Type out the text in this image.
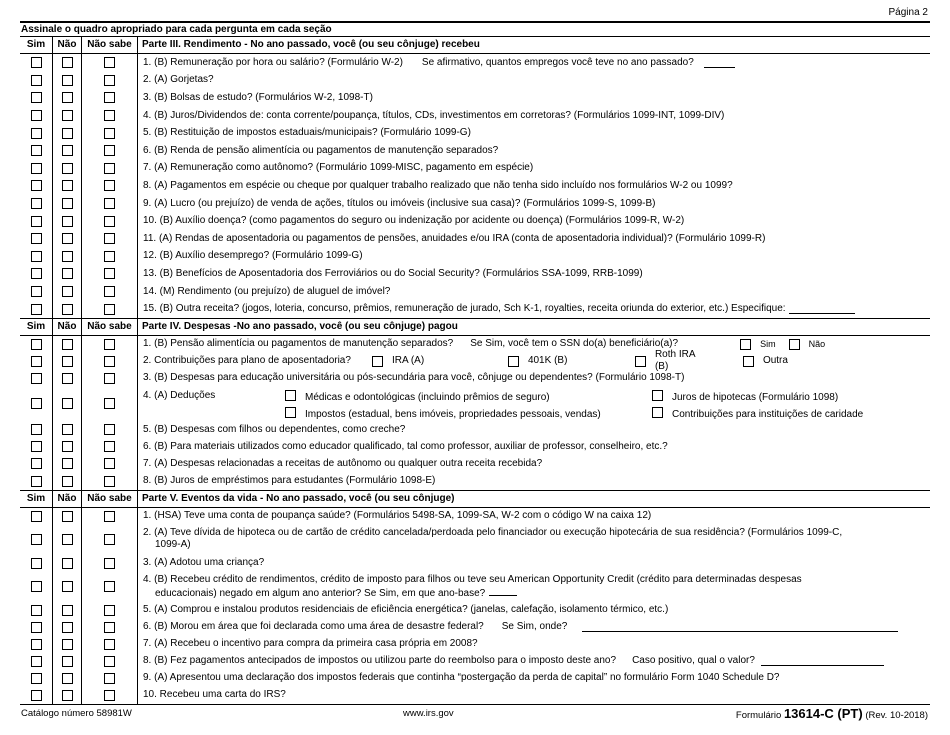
Página 2
Assinale o quadro apropriado para cada pergunta em cada seção
Sim	Não	Não sabe	Parte III. Rendimento - No ano passado, você (ou seu cônjuge) recebeu
1. (B) Remuneração por hora ou salário? (Formulário W-2) Se afirmativo, quantos empregos você teve no ano passado?
2. (A) Gorjetas?
3. (B) Bolsas de estudo? (Formulários W-2, 1098-T)
4. (B) Juros/Dividendos de: conta corrente/poupança, títulos, CDs, investimentos em corretoras? (Formulários 1099-INT, 1099-DIV)
5. (B) Restituição de impostos estaduais/municipais? (Formulário 1099-G)
6. (B) Renda de pensão alimentícia ou pagamentos de manutenção separados?
7. (A) Remuneração como autônomo? (Formulário 1099-MISC, pagamento em espécie)
8. (A) Pagamentos em espécie ou cheque por qualquer trabalho realizado que não tenha sido incluído nos formulários W-2 ou 1099?
9. (A) Lucro (ou prejuízo) de venda de ações, títulos ou imóveis (inclusive sua casa)? (Formulários 1099-S, 1099-B)
10. (B) Auxílio doença? (como pagamentos do seguro ou indenização por acidente ou doença) (Formulários 1099-R, W-2)
11. (A) Rendas de aposentadoria ou pagamentos de pensões, anuidades e/ou IRA (conta de aposentadoria individual)? (Formulário 1099-R)
12. (B) Auxílio desemprego? (Formulário 1099-G)
13. (B) Benefícios de Aposentadoria dos Ferroviários ou do Social Security? (Formulários SSA-1099, RRB-1099)
14. (M) Rendimento (ou prejuízo) de aluguel de imóvel?
15. (B) Outra receita? (jogos, loteria, concurso, prêmios, remuneração de jurado, Sch K-1, royalties, receita oriunda do exterior, etc.) Especifique:
Sim	Não	Não sabe	Parte IV. Despesas -No ano passado, você (ou seu cônjuge) pagou
1. (B) Pensão alimentícia ou pagamentos de manutenção separados? Se Sim, você tem o SSN do(a) beneficiário(a)?	Sim	Não
2. Contribuições para plano de aposentadoria?	IRA (A)	401K (B)
Roth IRA (B)
Outra
3. (B) Despesas para educação universitária ou pós-secundária para você, cônjuge ou dependentes? (Formulário 1098-T)
4. (A) Deduções	Médicas e odontológicas (incluindo prêmios de seguro)	Juros de hipotecas (Formulário 1098)
Impostos (estadual, bens imóveis, propriedades pessoais, vendas)	Contribuições para instituições de caridade
5. (B) Despesas com filhos ou dependentes, como creche?
6. (B) Para materiais utilizados como educador qualificado, tal como professor, auxiliar de professor, conselheiro, etc.?
7. (A) Despesas relacionadas a receitas de autônomo ou qualquer outra receita recebida?
8. (B) Juros de empréstimos para estudantes (Formulário 1098-E)
Sim	Não	Não sabe	Parte V. Eventos da vida - No ano passado, você (ou seu cônjuge)
1. (HSA) Teve uma conta de poupança saúde? (Formulários 5498-SA, 1099-SA, W-2 com o código W na caixa 12)
2. (A) Teve dívida de hipoteca ou de cartão de crédito cancelada/perdoada pelo financiador ou execução hipotecária de sua residência? (Formulários 1099-C,
1099-A)
3. (A) Adotou uma criança?
4. (B) Recebeu crédito de rendimentos, crédito de imposto para filhos ou teve seu American Opportunity Credit (crédito para determinadas despesas
educacionais) negado em algum ano anterior? Se Sim, em que ano-base?
5. (A) Comprou e instalou produtos residenciais de eficiência energética? (janelas, calefação, isolamento térmico, etc.)
6. (B) Morou em área que foi declarada como uma área de desastre federal? Se Sim, onde?
7. (A) Recebeu o incentivo para compra da primeira casa própria em 2008?
8. (B) Fez pagamentos antecipados de impostos ou utilizou parte do reembolso para o imposto deste ano? Caso positivo, qual o valor?
9. (A) Apresentou uma declaração dos impostos federais que continha “postergação da perda de capital” no formulário Form 1040 Schedule D?
10. Recebeu uma carta do IRS?
Catálogo número 58981W	www.irs.gov	Formulário 13614-C (PT) (Rev. 10-2018)
